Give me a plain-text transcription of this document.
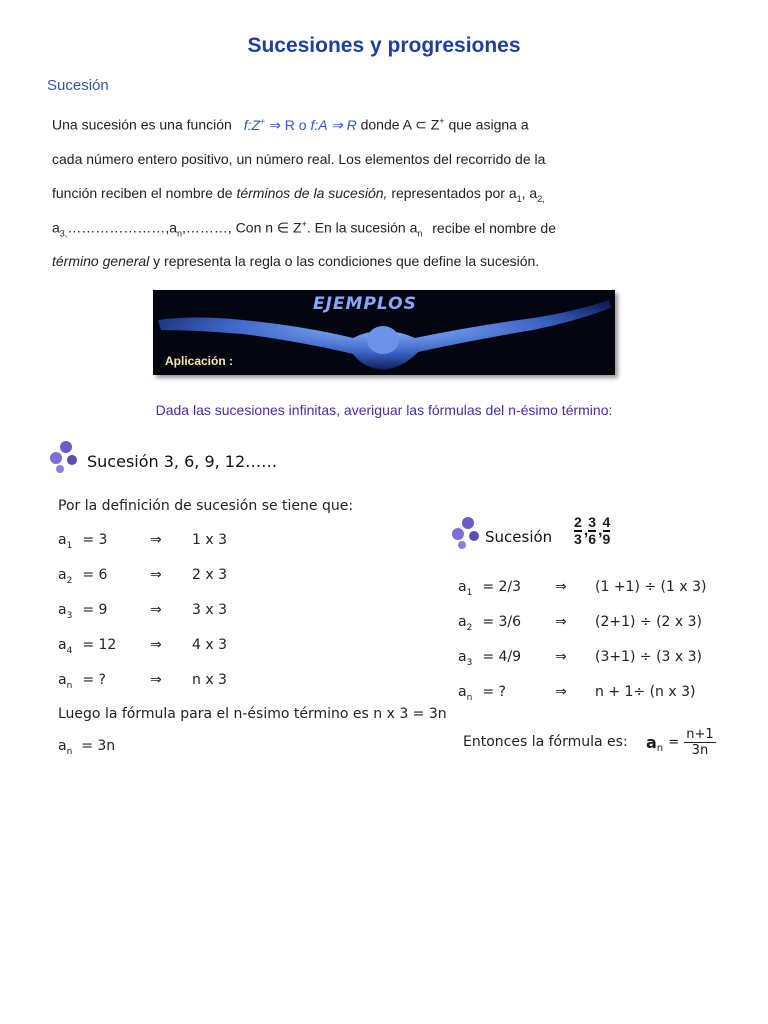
Sucesiones y progresiones
Sucesión
Una sucesión es una función f:Z+ ⇒ R o f:A ⇒ R donde A ⊂ Z+ que asigna a
cada número entero positivo, un número real. Los elementos del recorrido de la
función reciben el nombre de términos de la sucesión, representados por $a_1$, $a_{2,}$
$a_{3,}\dots\dots\dots\dots\dots\dots\dots,a_n,\dots\dots\dots$, Con n ∈ Z+. En la sucesión $a_n$ recibe el nombre de
término general y representa la regla o las condiciones que define la sucesión.
EJEMPLOS
Aplicación :
Dada las sucesiones infinitas, averiguar las fórmulas del n-ésimo término:
Sucesión 3, 6, 9, 12……
Por la definición de sucesión se tiene que:
$a_1 = 3$	⇒ 1 x 3
$a_2 = 6$	⇒ 2 x 3
$a_3 = 9$	⇒ 3 x 3
$a_4 = 12$ ⇒ 4 x 3
$a_n$ = ?	⇒ n x 3
Luego la fórmula para el n-ésimo término es n x 3 = 3n
$a_n = 3n$
Sucesión $\frac{2}{3}$ , $\frac{3}{6}$ , $\frac{4}{9}$
$a_1 = 2/3$ ⇒ (1 +1) ÷ (1 x 3)
$a_2 = 3/6$ ⇒ (2+1) ÷ (2 x 3)
$a_3 = 4/9$ ⇒ (3+1) ÷ (3 x 3)
$a_n$ = ?	⇒ n + 1÷ (n x 3)
Entonces la fórmula es: $a_n = \frac{n+1}{3n}$
